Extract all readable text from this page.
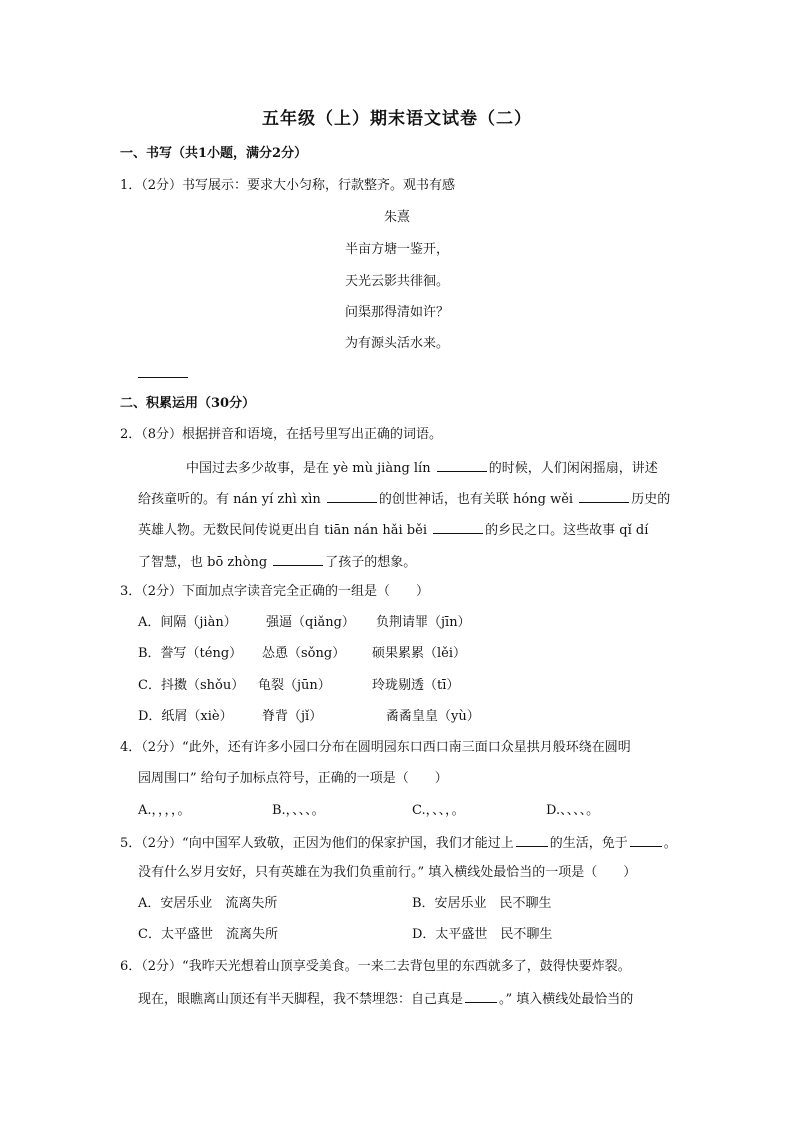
五年级（上）期末语文试卷（二）
一、书写（共1小题，满分2分）
1．（2分）书写展示：要求大小匀称，行款整齐。观书有感
朱熹
半亩方塘一鉴开，
天光云影共徘徊。
问渠那得清如许？
为有源头活水来。
二、积累运用（30分）
2．（8分）根据拼音和语境，在括号里写出正确的词语。
中国过去多少故事，是在 yè mù jiàng lín	的时候，人们闲闲摇扇，讲述
给孩童听的。有 nán yí zhì xìn	的创世神话，也有关联 hóng wěi	历史的
英雄人物。无数民间传说更出自 tiān nán hǎi běi	的乡民之口。这些故事 qǐ dí
了智慧，也 bō zhòng	了孩子的想象。
3．（2分）下面加点字读音完全正确的一组是（　　）
A．间隔（jiàn） 强逼（qiǎng） 负荆请罪（jīn）
B．誊写（téng） 怂恿（sǒng） 硕果累累（lěi）
C．抖擞（shǒu） 龟裂（jūn）	玲珑剔透（tī）
D．纸屑（xiè） 脊背（jǐ）	矞矞皇皇（yù）
4．（2分）“此外，还有许多小园口分布在圆明园东口西口南三面口众星拱月般环绕在圆明
园周围口” 给句子加标点符号，正确的一项是（　　）
A.，，，，。	B.，、、、。	C.，、、，。	D.、、、、。
5．（2分）“向中国军人致敬，正因为他们的保家护国，我们才能过上	的生活，免于	。
没有什么岁月安好，只有英雄在为我们负重前行。” 填入横线处最恰当的一项是（　　）
A．安居乐业　流离失所	B．安居乐业　民不聊生
C．太平盛世　流离失所	D．太平盛世　民不聊生
6．（2分）“我昨天光想着山顶享受美食。一来二去背包里的东西就多了，鼓得快要炸裂。
现在，眼瞧离山顶还有半天脚程，我不禁埋怨：自己真是	。” 填入横线处最恰当的
